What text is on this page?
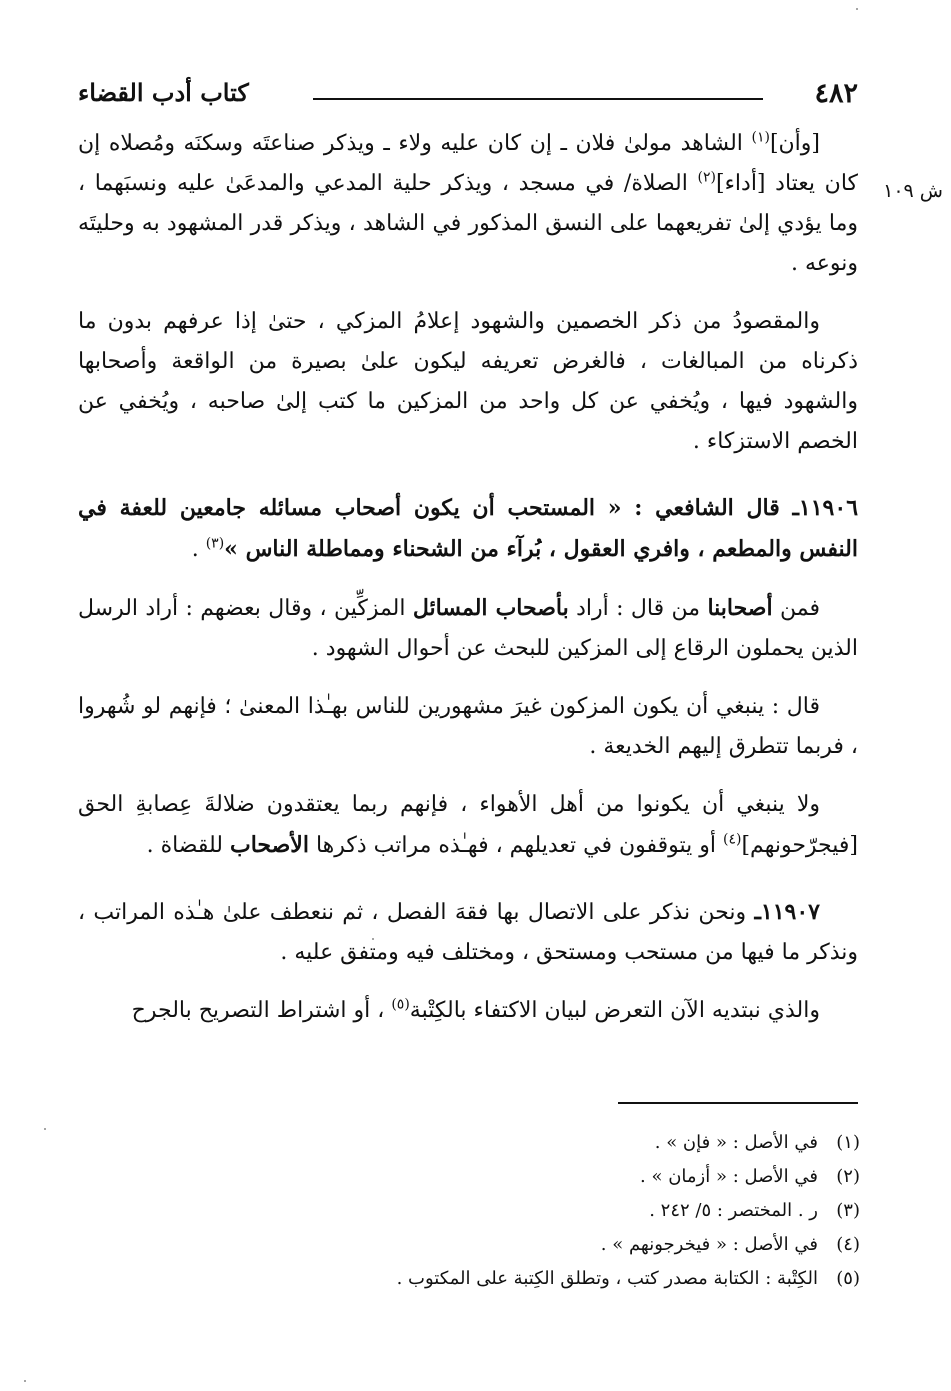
٤٨٢
كتاب أدب القضاء
ش ١٠٩

[وأن]$^{(١)}$ الشاهد مولىٰ فلان ـ إن كان عليه ولاء ـ ويذكر صناعتَه وسكنَه ومُصلاه إن كان يعتاد [أداء]$^{(٢)}$ الصلاة/ في مسجد ، ويذكر حلية المدعي والمدعَىٰ عليه ونسبَهما ، وما يؤدي إلىٰ تفريعهما على النسق المذكور في الشاهد ، ويذكر قدر المشهود به وحليتَه ونوعه .

والمقصودُ من ذكر الخصمين والشهود إعلامُ المزكي ، حتىٰ إذا عرفهم بدون ما ذكرناه من المبالغات ، فالغرض تعريفه ليكون علىٰ بصيرة من الواقعة وأصحابها والشهود فيها ، ويُخفي عن كل واحد من المزكين ما كتب إلىٰ صاحبه ، ويُخفي عن الخصم الاستزكاء .

١١٩٠٦ـ قال الشافعي : « المستحب أن يكون أصحاب مسائله جامعين للعفة في النفس والمطعم ، وافري العقول ، بُرآء من الشحناء ومماطلة الناس »$^{(٣)}$ .

فمن أصحابنا من قال : أراد بأصحاب المسائل المزكِّين ، وقال بعضهم : أراد الرسل الذين يحملون الرقاع إلى المزكين للبحث عن أحوال الشهود .

قال : ينبغي أن يكون المزكون غيرَ مشهورين للناس بهـٰذا المعنىٰ ؛ فإنهم لو شُهروا ، فربما تتطرق إليهم الخديعة .

ولا ينبغي أن يكونوا من أهل الأهواء ، فإنهم ربما يعتقدون ضلالةَ عِصابةِ الحق [فيجرّحونهم]$^{(٤)}$ أو يتوقفون في تعديلهم ، فهـٰذه مراتب ذكرها الأصحاب للقضاة .

١١٩٠٧ـ ونحن نذكر على الاتصال بها فقهَ الفصل ، ثم ننعطف علىٰ هـٰذه المراتب ، ونذكر ما فيها من مستحب ومستحق ، ومختلف فيه ومتفق عليه .

والذي نبتديه الآن التعرض لبيان الاكتفاء بالكِتْبة$^{(٥)}$ ، أو اشتراط التصريح بالجرح

(١)
في الأصل : « فإن » .
(٢)
في الأصل : « أزمان » .
(٣)
ر . المختصر : ٥/ ٢٤٢ .
(٤)
في الأصل : « فيخرجونهم » .
(٥)
الكِتْبة : الكتابة مصدر كتب ، وتطلق الكِتبة على المكتوب .
